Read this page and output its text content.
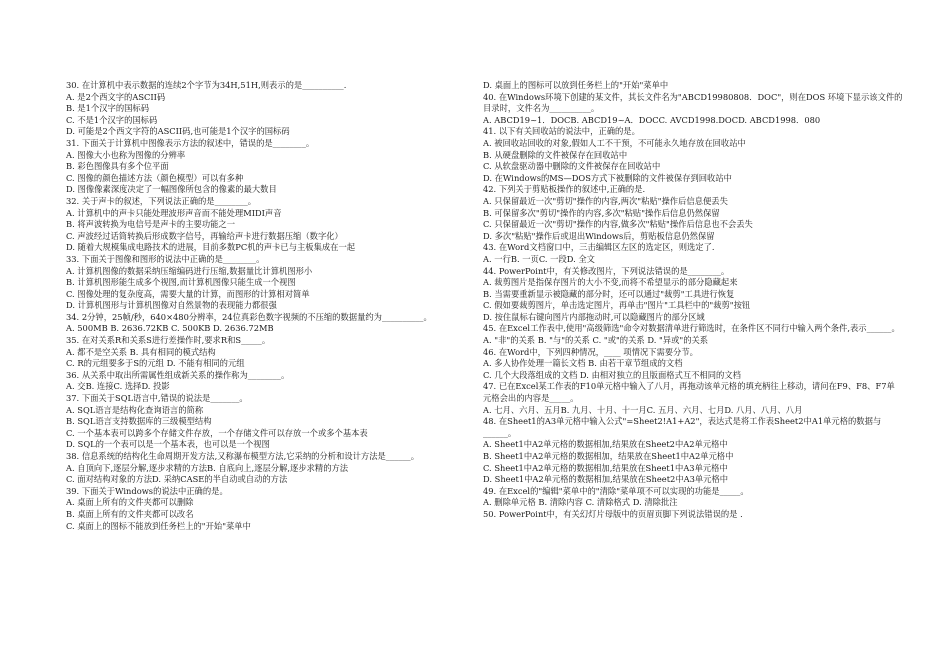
30. 在计算机中表示数据的连续2个字节为34H,51H,则表示的是__________.
A. 是2个西文字的ASCII码
B. 是1个汉字的国标码
C. 不是1个汉字的国标码
D. 可能是2个西文字符的ASCII码,也可能是1个汉字的国标码
31. 下面关于计算机中图像表示方法的叙述中，错误的是________。
A. 图像大小也称为图像的分辨率
B. 彩色图像具有多个位平面
C. 图像的颜色描述方法（颜色模型）可以有多种
D. 图像像素深度决定了一幅图像所包含的像素的最大数目
32. 关于声卡的叙述，下列说法正确的是________。
A. 计算机中的声卡只能处理波形声音而不能处理MIDI声音
B. 将声波转换为电信号是声卡的主要功能之一
C. 声波经过话筒转换后形成数字信号，再输给声卡进行数据压缩（数字化）
D. 随着大规模集成电路技术的进展，目前多数PC机的声卡已与主板集成在一起
33. 下面关于图像和图形的说法中正确的是________。
A. 计算机图像的数据采纳压缩编码进行压缩,数据量比计算机图形小
B. 计算机图形能生成多个视图,而计算机图像只能生成一个视图
C. 图像处理的复杂度高，需要大量的计算，而图形的计算相对简单
D. 计算机图形与计算机图像对自然景物的表现能力都很强
34. 2分钟，25帧/秒，640×480分辨率，24位真彩色数字视频的不压缩的数据量约为__________。
A. 500MB B. 2636.72KB C. 500KB D. 2636.72MB
35. 在对关系R和关系S进行差操作时,要求R和S_____。
A. 都不是空关系 B. 具有相同的模式结构
C. R的元组要多于S的元组 D. 不能有相同的元组
36. 从关系中取出所需属性组成新关系的操作称为________。
A. 交B. 连接C. 选择D. 投影
37. 下面关于SQL语言中,错误的说法是_______。
A. SQL语言是结构化查询语言的简称
B. SQL语言支持数据库的三级模型结构
C. 一个基本表可以跨多个存储文件存放，一个存储文件可以存放一个或多个基本表
D. SQL的一个表可以是一个基本表，也可以是一个视图
38. 信息系统的结构化生命周期开发方法,又称瀑布模型方法,它采纳的分析和设计方法是______。
A. 自顶向下,逐层分解,逐步求精的方法B. 自底向上,逐层分解,逐步求精的方法
C. 面对结构对象的方法D. 采纳CASE的半自动或自动的方法
39. 下面关于Windows的说法中正确的是。
A. 桌面上所有的文件夹都可以删除
B. 桌面上所有的文件夹都可以改名
C. 桌面上的图标不能放到任务栏上的"开始"菜单中
D. 桌面上的图标可以放到任务栏上的"开始"菜单中
40. 在Windows环境下创建的某文件，其长文件名为"ABCD19980808．DOC"，则在DOS 环境下显示该文件的目录时，文件名为__________。
A. ABCD19~1．DOCB. ABCD19~A．DOCC. AVCD1998.DOCD. ABCD1998．080
41. 以下有关回收站的说法中，正确的是。
A. 被回收站回收的对象,假如人工不干预，不可能永久地存放在回收站中
B. 从硬盘删除的文件被保存在回收站中
C. 从软盘驱动器中删除的文件被保存在回收站中
D. 在Windows的MS—DOS方式下被删除的文件被保存到回收站中
42. 下列关于剪贴板操作的叙述中,正确的是.
A. 只保留最近一次"剪切"操作的内容,两次"粘贴"操作后信息便丢失
B. 可保留多次"剪切"操作的内容,多次"粘贴"操作后信息仍然保留
C. 只保留最近一次"剪切"操作的内容,做多次"粘贴"操作后信息也不会丢失
D. 多次"粘贴"操作后或退出Windows后，剪贴板信息仍然保留
43. 在Word文档窗口中，三击编辑区左区的选定区，则选定了.
A. 一行B. 一页C. 一段D. 全文
44. PowerPoint中，有关修改图片，下列说法错误的是________。
A. 裁剪图片是指保存图片的大小不变,而将不希望显示的部分隐藏起来
B. 当需要重新显示被隐藏的部分时，还可以通过"裁剪"工具进行恢复
C. 假如要裁剪图片，单击选定图片，再单击"图片"工具栏中的"裁剪"按钮
D. 按住鼠标右键向图片内部拖动时,可以隐藏图片的部分区域
45. 在Excel工作表中,使用"高级筛选"命令对数据清单进行筛选时，在条件区不同行中输入两个条件,表示______。
A. "非"的关系 B. "与"的关系 C. "或"的关系 D. "异或"的关系
46. 在Word中，下列四种情况，____ 项情况下需要分节。
A. 多人协作处理一篇长文档 B. 由若干章节组成的文档
C. 几个大段落组成的文档 D. 由相对独立的且版面格式互不相同的文档
47. 已在Excel某工作表的F10单元格中输入了八月，再拖动该单元格的填充柄往上移动，请问在F9、F8、F7单元格会出的内容是_____。
A. 七月、六月、五月B. 九月、十月、十一月C. 五月、六月、七月D. 八月、八月、八月
48. 在Sheet1的A3单元格中输入公式"=Sheet2!A1+A2"，表达式是将工作表Sheet2中A1单元格的数据与______。
A. Sheet1中A2单元格的数据相加,结果放在Sheet2中A2单元格中
B. Sheet1中A2单元格的数据相加，结果放在Sheet1中A2单元格中
C. Sheet1中A2单元格的数据相加,结果放在Sheet1中A3单元格中
D. Sheet1中A2单元格的数据相加,结果放在Sheet2中A3单元格中
49. 在Excel的"编辑"菜单中的"清除"菜单项不可以实现的功能是_____。
A. 删除单元格 B. 清除内容 C. 清除格式 D. 清除批注
50. PowerPoint中，有关幻灯片母版中的页眉页脚下列说法错误的是 ．
